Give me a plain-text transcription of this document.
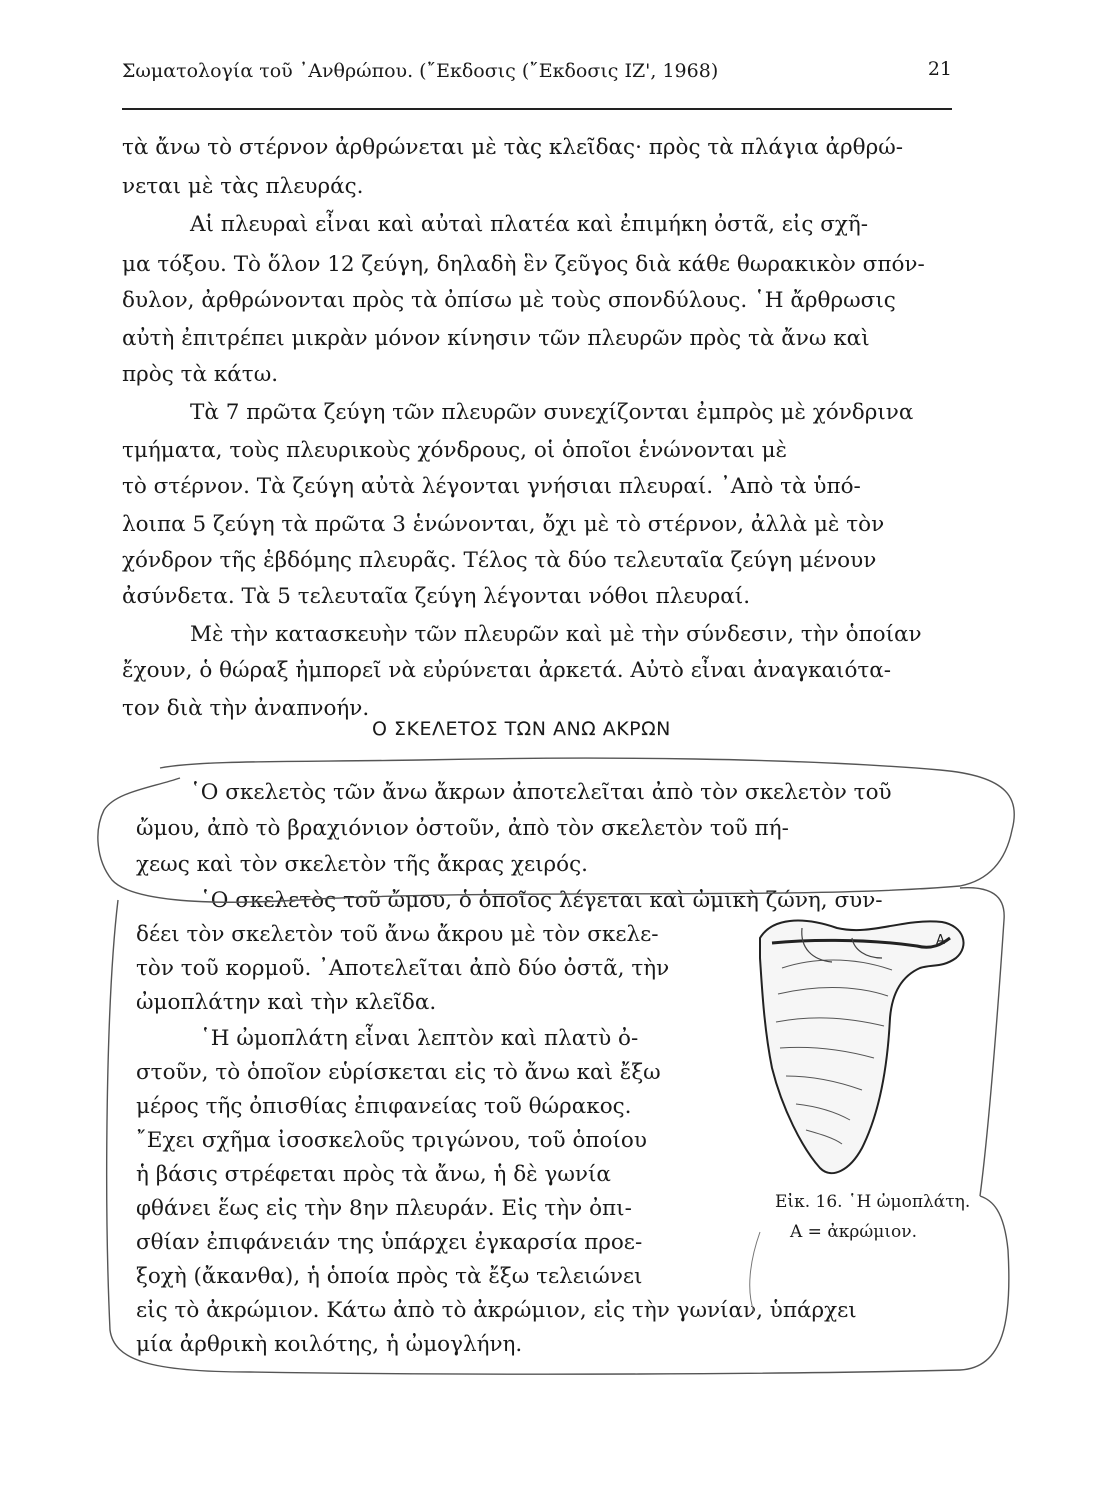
Σωματολογία τοῦ ᾿Ανθρώπου. (῎Εκδοσις (῎Εκδοσις ΙΖ', 1968)	21
τὰ ἄνω τὸ στέρνον ἀρθρώνεται μὲ τὰς κλεῖδας· πρὸς τὰ πλάγια ἀρθρώ-
νεται μὲ τὰς πλευράς.
Αἱ πλευραὶ εἶναι καὶ αὐταὶ πλατέα καὶ ἐπιμήκη ὀστᾶ, εἰς σχῆ-
μα τόξου. Τὸ ὅλον 12 ζεύγη, δηλαδὴ ἓν ζεῦγος διὰ κάθε θωρακικὸν σπόν-
δυλον, ἀρθρώνονται πρὸς τὰ ὀπίσω μὲ τοὺς σπονδύλους. ῾Η ἄρθρωσις
αὐτὴ ἐπιτρέπει μικρὰν μόνον κίνησιν τῶν πλευρῶν πρὸς τὰ ἄνω καὶ
πρὸς τὰ κάτω.
Τὰ 7 πρῶτα ζεύγη τῶν πλευρῶν συνεχίζονται ἐμπρὸς μὲ χόνδρινα
τμήματα, τοὺς πλευρικοὺς χόνδρους, οἱ ὁποῖοι ἑνώνονται μὲ
τὸ στέρνον. Τὰ ζεύγη αὐτὰ λέγονται γνήσιαι πλευραί. ᾿Απὸ τὰ ὑπό-
λοιπα 5 ζεύγη τὰ πρῶτα 3 ἑνώνονται, ὄχι μὲ τὸ στέρνον, ἀλλὰ μὲ τὸν
χόνδρον τῆς ἑβδόμης πλευρᾶς. Τέλος τὰ δύο τελευταῖα ζεύγη μένουν
ἀσύνδετα. Τὰ 5 τελευταῖα ζεύγη λέγονται νόθοι πλευραί.
Μὲ τὴν κατασκευὴν τῶν πλευρῶν καὶ μὲ τὴν σύνδεσιν, τὴν ὁποίαν
ἔχουν, ὁ θώραξ ἠμπορεῖ νὰ εὐρύνεται ἀρκετά. Αὐτὸ εἶναι ἀναγκαιότα-
τον διὰ τὴν ἀναπνοήν.
Ο ΣΚΕΛΕΤΟΣ ΤΩΝ ΑΝΩ ΑΚΡΩΝ
῾Ο σκελετὸς τῶν ἄνω ἄκρων ἀποτελεῖται ἀπὸ τὸν σκελετὸν τοῦ
ὤμου, ἀπὸ τὸ βραχιόνιον ὀστοῦν, ἀπὸ τὸν σκελετὸν τοῦ πή-
χεως καὶ τὸν σκελετὸν τῆς ἄκρας χειρός.
῾Ο σκελετὸς τοῦ ὤμου, ὁ ὁποῖος λέγεται καὶ ὠμικὴ ζώνη, συν-
δέει τὸν σκελετὸν τοῦ ἄνω ἄκρου μὲ τὸν σκελε-
τὸν τοῦ κορμοῦ. ᾿Αποτελεῖται ἀπὸ δύο ὀστᾶ, τὴν
ὠμοπλάτην καὶ τὴν κλεῖδα.
῾Η ὠμοπλάτη εἶναι λεπτὸν καὶ πλατὺ ὀ-
στοῦν, τὸ ὁποῖον εὑρίσκεται εἰς τὸ ἄνω καὶ ἔξω
μέρος τῆς ὀπισθίας ἐπιφανείας τοῦ θώρακος.
῎Εχει σχῆμα ἰσοσκελοῦς τριγώνου, τοῦ ὁποίου
ἡ βάσις στρέφεται πρὸς τὰ ἄνω, ἡ δὲ γωνία
φθάνει ἕως εἰς τὴν 8ην πλευράν. Εἰς τὴν ὀπι-
σθίαν ἐπιφάνειάν της ὑπάρχει ἐγκαρσία προε-
ξοχὴ (ἄκανθα), ἡ ὁποία πρὸς τὰ ἔξω τελειώνει
εἰς τὸ ἀκρώμιον. Κάτω ἀπὸ τὸ ἀκρώμιον, εἰς τὴν γωνίαν, ὑπάρχει
μία ἀρθρικὴ κοιλότης, ἡ ὠμογλήνη.
A
Εἰκ. 16. ῾Η ὠμοπλάτη.
Α = ἀκρώμιον.
